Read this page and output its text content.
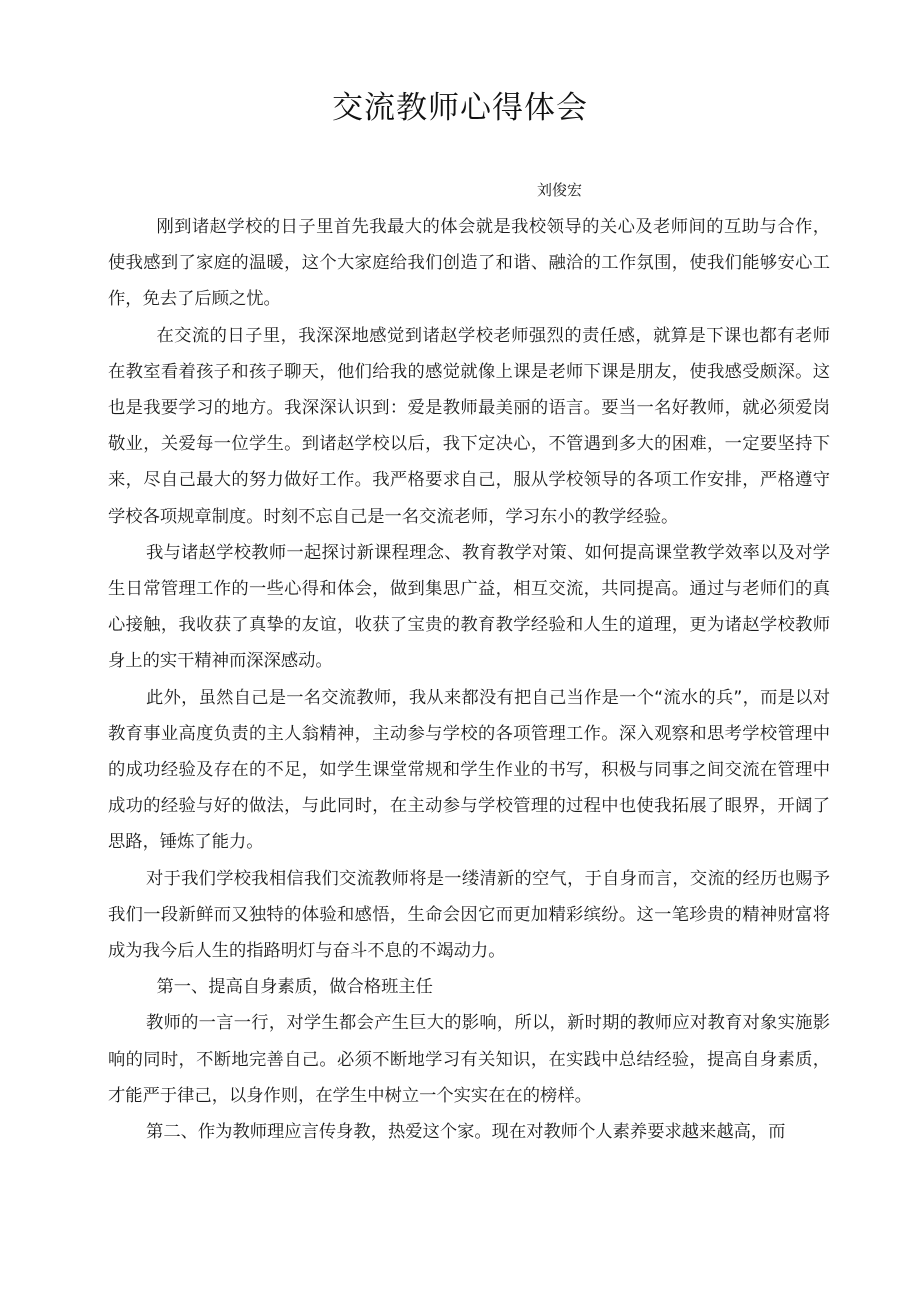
交流教师心得体会
刘俊宏

刚到诸赵学校的日子里首先我最大的体会就是我校领导的关心及老师间的互助与合作，使我感到了家庭的温暖，这个大家庭给我们创造了和谐、融洽的工作氛围，使我们能够安心工作，免去了后顾之忧。

在交流的日子里，我深深地感觉到诸赵学校老师强烈的责任感，就算是下课也都有老师在教室看着孩子和孩子聊天，他们给我的感觉就像上课是老师下课是朋友，使我感受颇深。这也是我要学习的地方。我深深认识到：爱是教师最美丽的语言。要当一名好教师，就必须爱岗敬业，关爱每一位学生。到诸赵学校以后，我下定决心，不管遇到多大的困难，一定要坚持下来，尽自己最大的努力做好工作。我严格要求自己，服从学校领导的各项工作安排，严格遵守学校各项规章制度。时刻不忘自己是一名交流老师，学习东小的教学经验。

我与诸赵学校教师一起探讨新课程理念、教育教学对策、如何提高课堂教学效率以及对学生日常管理工作的一些心得和体会，做到集思广益，相互交流，共同提高。通过与老师们的真心接触，我收获了真挚的友谊，收获了宝贵的教育教学经验和人生的道理，更为诸赵学校教师身上的实干精神而深深感动。

此外，虽然自己是一名交流教师，我从来都没有把自己当作是一个“流水的兵”，而是以对教育事业高度负责的主人翁精神，主动参与学校的各项管理工作。深入观察和思考学校管理中的成功经验及存在的不足，如学生课堂常规和学生作业的书写，积极与同事之间交流在管理中成功的经验与好的做法，与此同时，在主动参与学校管理的过程中也使我拓展了眼界，开阔了思路，锤炼了能力。

对于我们学校我相信我们交流教师将是一缕清新的空气，于自身而言，交流的经历也赐予我们一段新鲜而又独特的体验和感悟，生命会因它而更加精彩缤纷。这一笔珍贵的精神财富将成为我今后人生的指路明灯与奋斗不息的不竭动力。

第一、提高自身素质，做合格班主任

教师的一言一行，对学生都会产生巨大的影响，所以，新时期的教师应对教育对象实施影响的同时，不断地完善自己。必须不断地学习有关知识，在实践中总结经验，提高自身素质，才能严于律己，以身作则，在学生中树立一个实实在在的榜样。

第二、作为教师理应言传身教，热爱这个家。现在对教师个人素养要求越来越高，而
